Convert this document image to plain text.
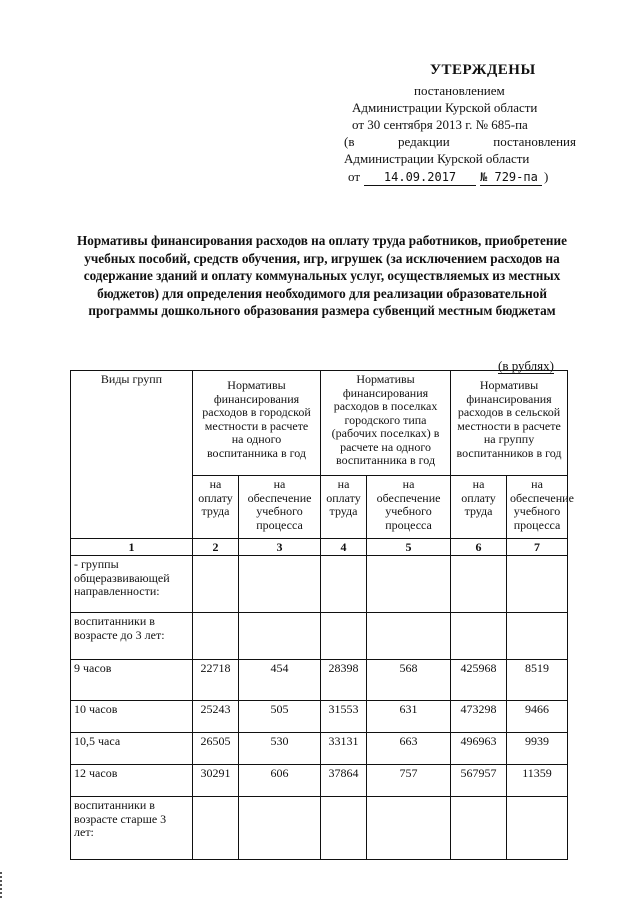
УТЕРЖДЕНЫ
постановлением
Администрации Курской области
от 30 сентября 2013 г. № 685-па
(в	редакции	постановления
Администрации Курской области
от	14.09.2017	№ 729-па )
Нормативы финансирования расходов на оплату труда работников, приобретение учебных пособий, средств обучения, игр, игрушек (за исключением расходов на содержание зданий и оплату коммунальных услуг, осуществляемых из местных бюджетов) для определения необходимого для реализации образовательной программы дошкольного образования размера субвенций местным бюджетам
(в рублях)
Виды групп	Нормативы финансирования расходов в городской местности в расчете на одного воспитанника в год		Нормативы финансирования расходов в поселках городского типа (рабочих поселках) в расчете на одного воспитанника в год		Нормативы финансирования расходов в сельской местности в расчете на группу воспитанников в год	
	на оплату труда	на обеспечение учебного процесса	на оплату труда	на обеспечение учебного процесса	на оплату труда	на обеспечение учебного процесса
1	2	3	4	5	6	7
- группы общеразвивающей направленности:						
воспитанники в возрасте до 3 лет:						
9 часов	22718	454	28398	568	425968	8519
10 часов	25243	505	31553	631	473298	9466
10,5 часа	26505	530	33131	663	496963	9939
12 часов	30291	606	37864	757	567957	11359
воспитанники в возрасте старше 3 лет:						
